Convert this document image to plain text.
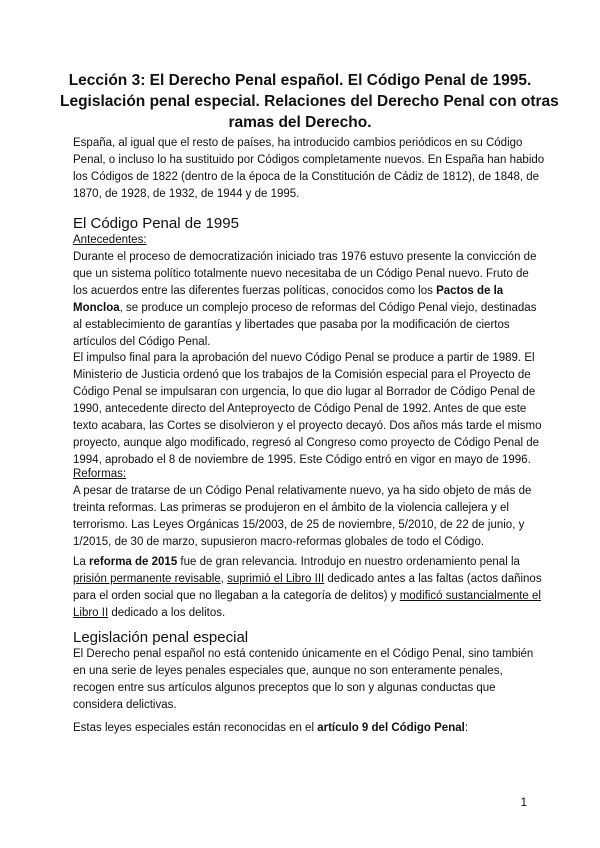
Lección 3: El Derecho Penal español. El Código Penal de 1995.
Legislación penal especial. Relaciones del Derecho Penal con otras
ramas del Derecho.
España, al igual que el resto de países, ha introducido cambios periódicos en su Código
Penal, o incluso lo ha sustituido por Códigos completamente nuevos. En España han habido
los Códigos de 1822 (dentro de la época de la Constitución de Cádiz de 1812), de 1848, de
1870, de 1928, de 1932, de 1944 y de 1995.
El Código Penal de 1995
Antecedentes:
Durante el proceso de democratización iniciado tras 1976 estuvo presente la convicción de
que un sistema político totalmente nuevo necesitaba de un Código Penal nuevo. Fruto de
los acuerdos entre las diferentes fuerzas políticas, conocidos como los Pactos de la
Moncloa, se produce un complejo proceso de reformas del Código Penal viejo, destinadas
al establecimiento de garantías y libertades que pasaba por la modificación de ciertos
artículos del Código Penal.
El impulso final para la aprobación del nuevo Código Penal se produce a partir de 1989. El
Ministerio de Justicia ordenó que los trabajos de la Comisión especial para el Proyecto de
Código Penal se impulsaran con urgencia, lo que dio lugar al Borrador de Código Penal de
1990, antecedente directo del Anteproyecto de Código Penal de 1992. Antes de que este
texto acabara, las Cortes se disolvieron y el proyecto decayó. Dos años más tarde el mismo
proyecto, aunque algo modificado, regresó al Congreso como proyecto de Código Penal de
1994, aprobado el 8 de noviembre de 1995. Este Código entró en vigor en mayo de 1996.
Reformas:
A pesar de tratarse de un Código Penal relativamente nuevo, ya ha sido objeto de más de
treinta reformas. Las primeras se produjeron en el ámbito de la violencia callejera y el
terrorismo. Las Leyes Orgánicas 15/2003, de 25 de noviembre, 5/2010, de 22 de junio, y
1/2015, de 30 de marzo, supusieron macro-reformas globales de todo el Código.
La reforma de 2015 fue de gran relevancia. Introdujo en nuestro ordenamiento penal la
prisión permanente revisable, suprimió el Libro III dedicado antes a las faltas (actos dañinos
para el orden social que no llegaban a la categoría de delitos) y modificó sustancialmente el
Libro II dedicado a los delitos.
Legislación penal especial
El Derecho penal español no está contenido únicamente en el Código Penal, sino también
en una serie de leyes penales especiales que, aunque no son enteramente penales,
recogen entre sus artículos algunos preceptos que lo son y algunas conductas que
considera delictivas.
Estas leyes especiales están reconocidas en el artículo 9 del Código Penal:
1
